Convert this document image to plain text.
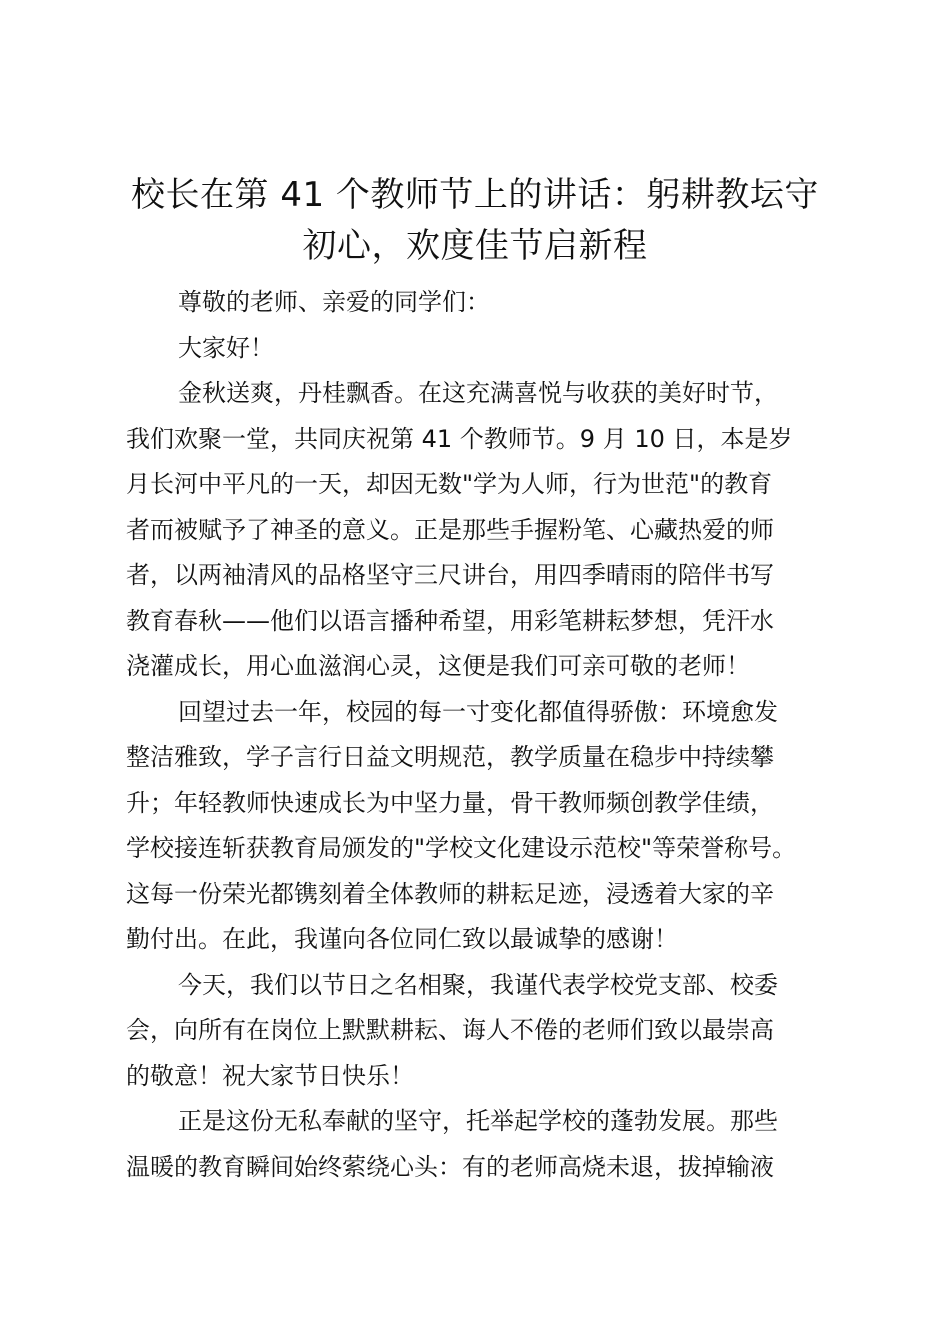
校长在第 41 个教师节上的讲话：躬耕教坛守
初心，欢度佳节启新程

尊敬的老师、亲爱的同学们：

大家好！

金秋送爽，丹桂飘香。在这充满喜悦与收获的美好时节，
我们欢聚一堂，共同庆祝第 41 个教师节。9 月 10 日，本是岁
月长河中平凡的一天，却因无数"学为人师，行为世范"的教育
者而被赋予了神圣的意义。正是那些手握粉笔、心藏热爱的师
者，以两袖清风的品格坚守三尺讲台，用四季晴雨的陪伴书写
教育春秋——他们以语言播种希望，用彩笔耕耘梦想，凭汗水
浇灌成长，用心血滋润心灵，这便是我们可亲可敬的老师！

回望过去一年，校园的每一寸变化都值得骄傲：环境愈发
整洁雅致，学子言行日益文明规范，教学质量在稳步中持续攀
升；年轻教师快速成长为中坚力量，骨干教师频创教学佳绩，
学校接连斩获教育局颁发的"学校文化建设示范校"等荣誉称号。
这每一份荣光都镌刻着全体教师的耕耘足迹，浸透着大家的辛
勤付出。在此，我谨向各位同仁致以最诚挚的感谢！

今天，我们以节日之名相聚，我谨代表学校党支部、校委
会，向所有在岗位上默默耕耘、诲人不倦的老师们致以最崇高
的敬意！祝大家节日快乐！

正是这份无私奉献的坚守，托举起学校的蓬勃发展。那些
温暖的教育瞬间始终萦绕心头：有的老师高烧未退，拔掉输液
